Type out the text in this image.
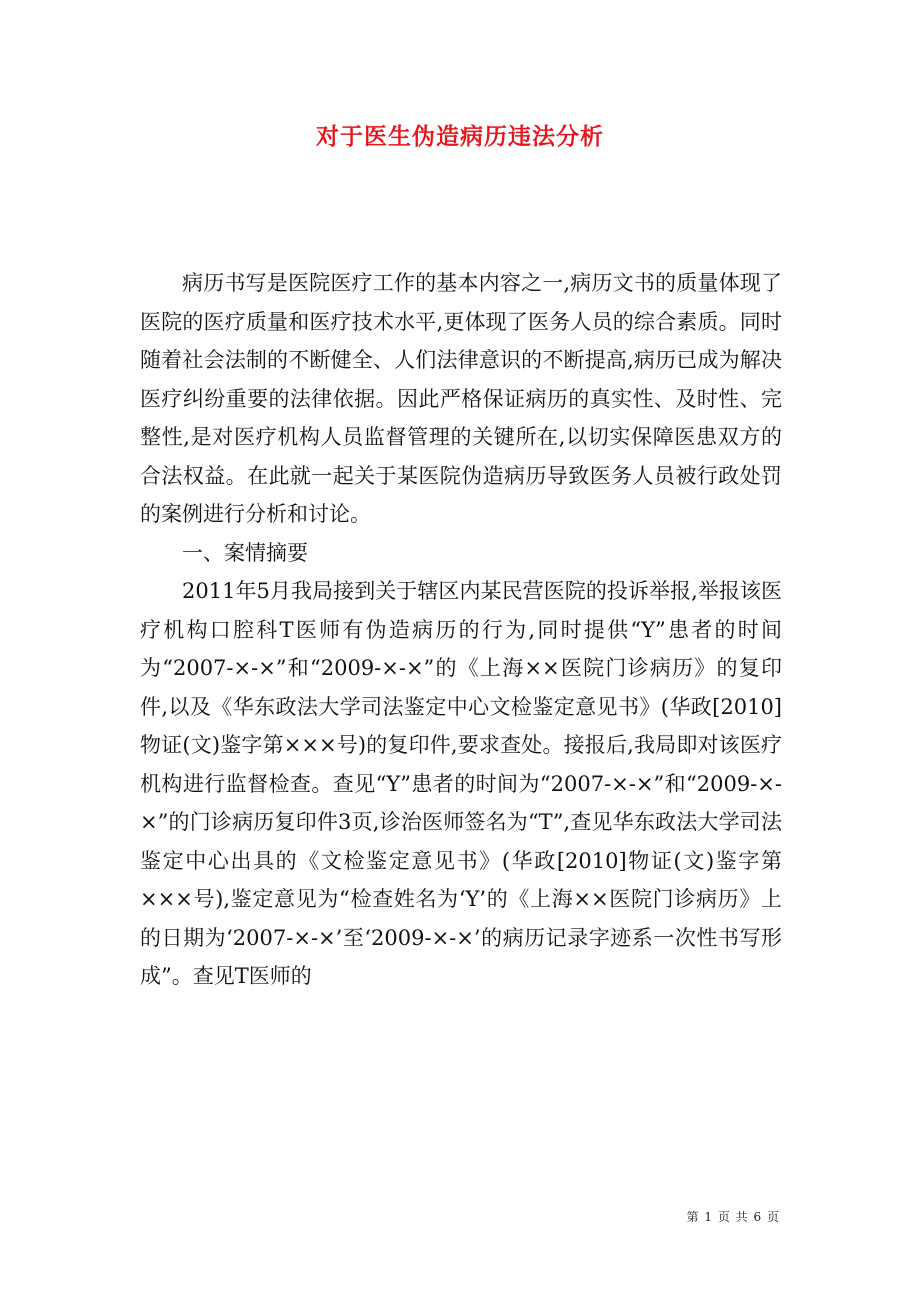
对于医生伪造病历违法分析

病历书写是医院医疗工作的基本内容之一,病历文书的质量体现了医院的医疗质量和医疗技术水平,更体现了医务人员的综合素质。同时随着社会法制的不断健全、人们法律意识的不断提高,病历已成为解决医疗纠纷重要的法律依据。因此严格保证病历的真实性、及时性、完整性,是对医疗机构人员监督管理的关键所在,以切实保障医患双方的合法权益。在此就一起关于某医院伪造病历导致医务人员被行政处罚的案例进行分析和讨论。

一、案情摘要

2011年5月我局接到关于辖区内某民营医院的投诉举报,举报该医疗机构口腔科T医师有伪造病历的行为,同时提供“Y”患者的时间为“2007-×-×”和“2009-×-×”的《上海××医院门诊病历》的复印件,以及《华东政法大学司法鉴定中心文检鉴定意见书》(华政[2010]物证(文)鉴字第×××号)的复印件,要求查处。接报后,我局即对该医疗机构进行监督检查。查见“Y”患者的时间为“2007-×-×”和“2009-×-×”的门诊病历复印件3页,诊治医师签名为“T”,查见华东政法大学司法鉴定中心出具的《文检鉴定意见书》(华政[2010]物证(文)鉴字第×××号),鉴定意见为“检查姓名为‘Y’的《上海××医院门诊病历》上的日期为‘2007-×-×’至‘2009-×-×’的病历记录字迹系一次性书写形成”。查见T医师的

第 1 页 共 6 页
